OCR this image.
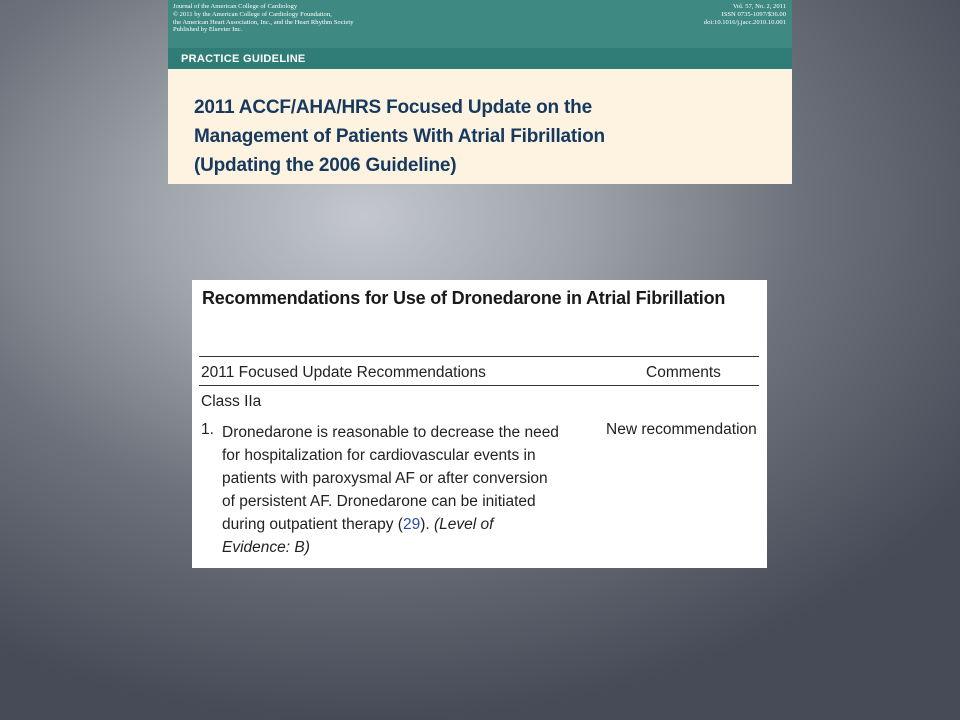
Journal of the American College of Cardiology
© 2011 by the American College of Cardiology Foundation,
the American Heart Association, Inc., and the Heart Rhythm Society
Published by Elsevier Inc.
Vol. 57, No. 2, 2011
ISSN 0735-1097/$36.00
doi:10.1016/j.jacc.2010.10.001
PRACTICE GUIDELINE
2011 ACCF/AHA/HRS Focused Update on the
Management of Patients With Atrial Fibrillation
(Updating the 2006 Guideline)
Recommendations for Use of Dronedarone in Atrial Fibrillation
2011 Focused Update Recommendations	Comments
Class IIa
1. Dronedarone is reasonable to decrease the need
for hospitalization for cardiovascular events in
patients with paroxysmal AF or after conversion
of persistent AF. Dronedarone can be initiated
during outpatient therapy (29). (Level of
Evidence: B)
New recommendation
